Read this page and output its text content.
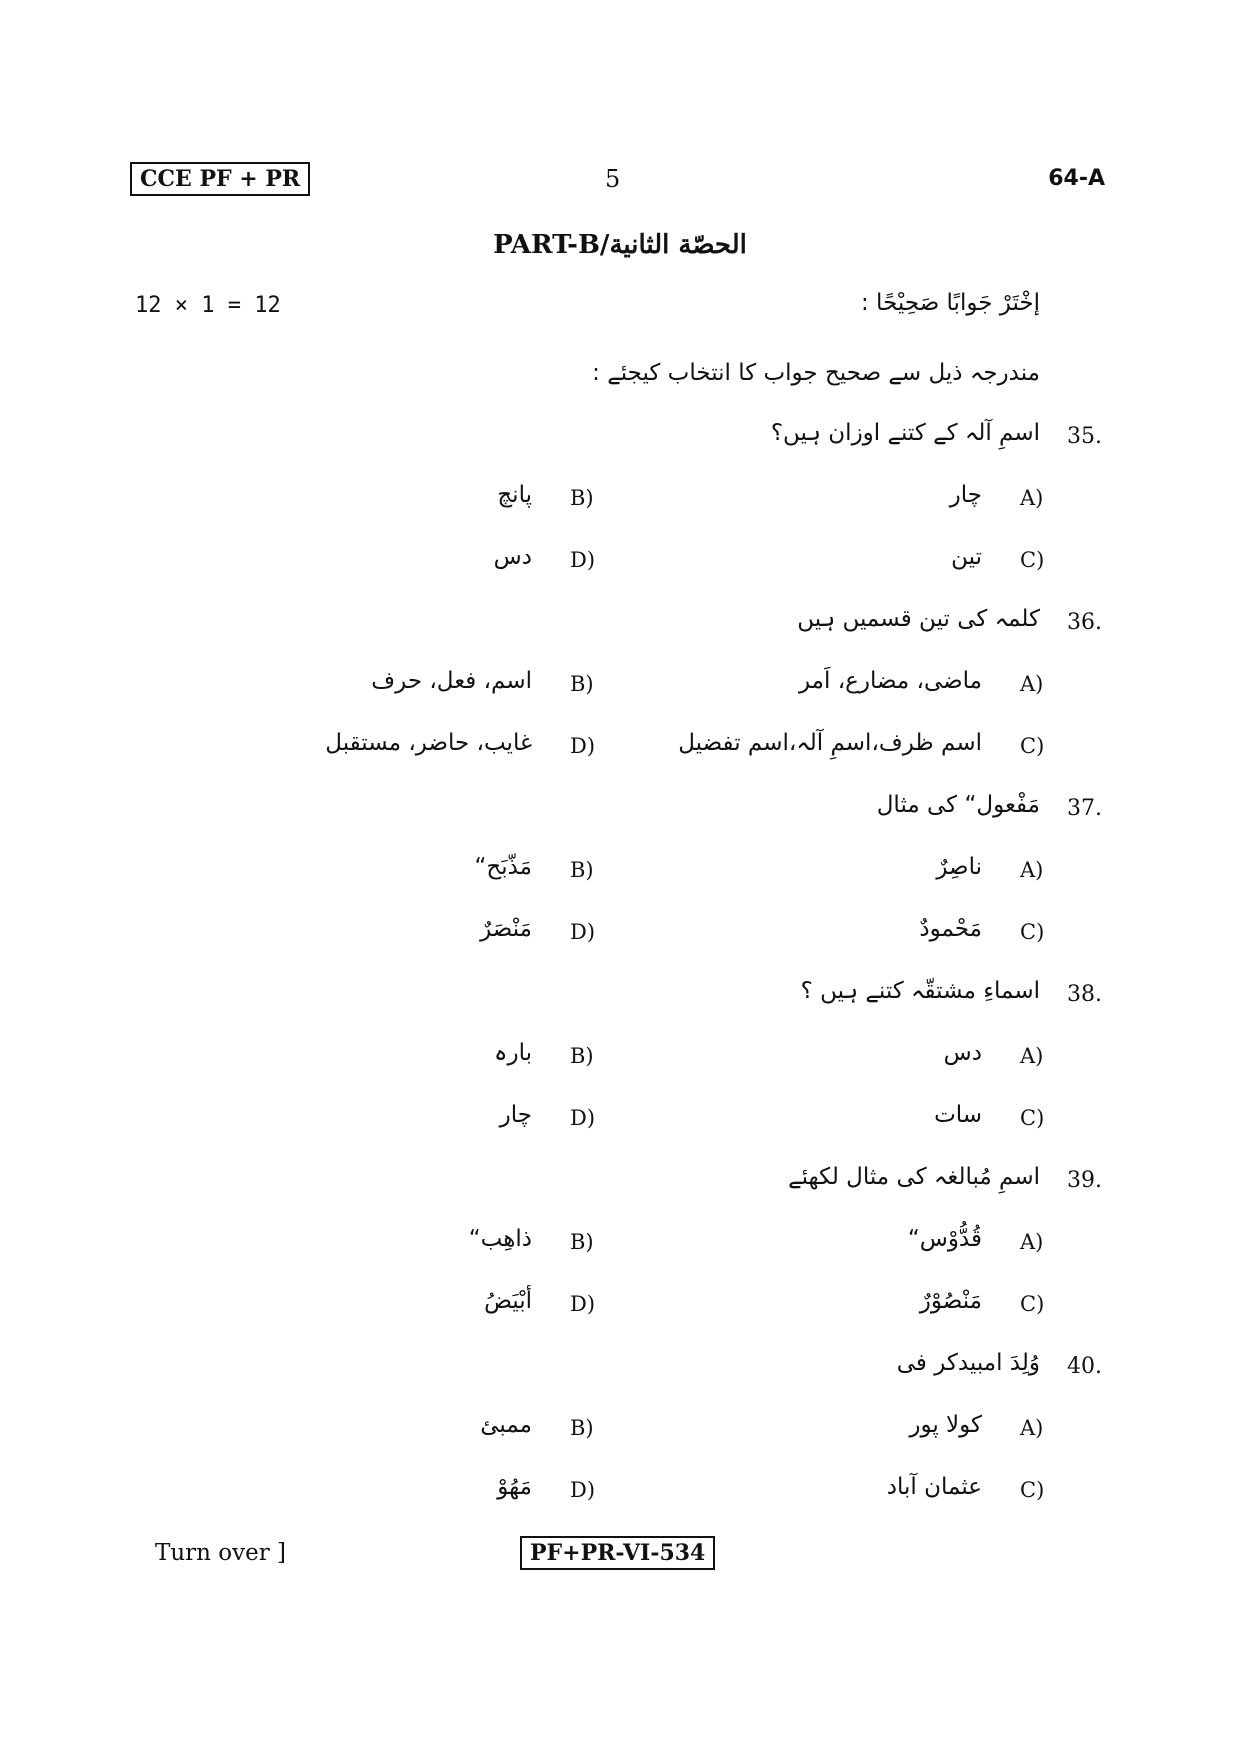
CCE PF + PR	5	64-A
PART-B/الحصّة الثانية
12 × 1 = 12	إخْتَرْ جَوابًا صَحِيْحًا :
مندرجہ ذیل سے صحیح جواب کا انتخاب کیجئے :
35.
اسمِ آلہ کے کتنے اوزان ہیں؟
A)
چار
B)
پانچ
C)
تین
D)
دس
36.
کلمہ کی تین قسمیں ہیں
A)
ماضی، مضارع، اَمر
B)
اسم، فعل، حرف
C)
اسم ظرف،اسمِ آلہ،اسم تفضیل
D)
غایب، حاضر، مستقبل
37.
مَفْعول“ کی مثال
A)
ناصِرٌ
B)
مَذّبَح“
C)
مَحْمودٌ
D)
مَنْصَرٌ
38.
اسماءِ مشتقّہ کتنے ہیں ؟
A)
دس
B)
بارہ
C)
سات
D)
چار
39.
اسمِ مُبالغہ کی مثال لکھئے
A)
قُدُّوْس“
B)
ذاهِب“
C)
مَنْصُوْرٌ
D)
أبْيَضُ
40.
وُلِدَ امبيدكر فى
A)
کولا پور
B)
ممبئ
C)
عثمان آباد
D)
مَهُوْ
Turn over ]	PF+PR-VI-534
